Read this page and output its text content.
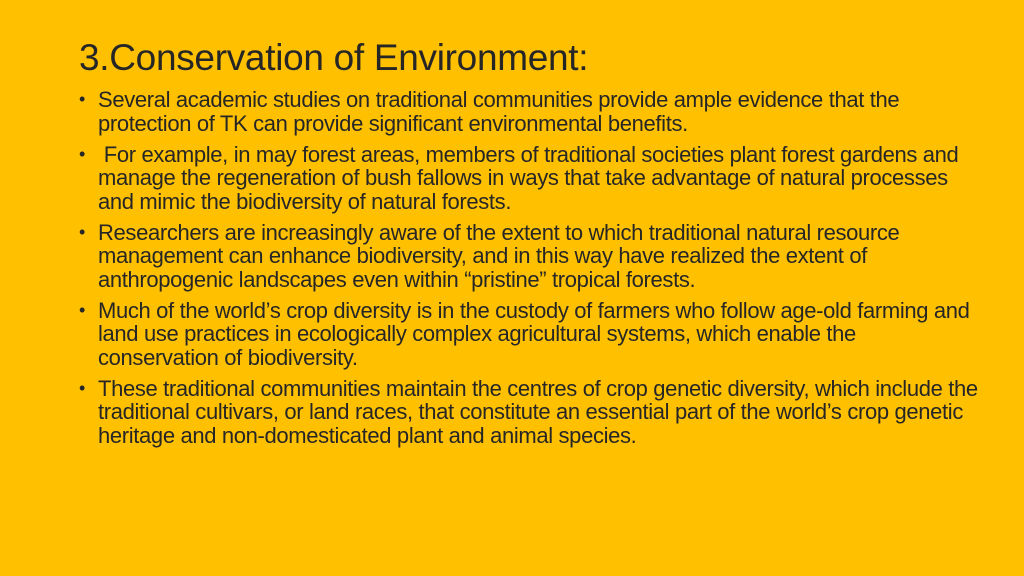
3.Conservation of Environment:
• Several academic studies on traditional communities provide ample evidence that the protection of TK can provide significant environmental benefits.
• For example, in may forest areas, members of traditional societies plant forest gardens and manage the regeneration of bush fallows in ways that take advantage of natural processes and mimic the biodiversity of natural forests.
• Researchers are increasingly aware of the extent to which traditional natural resource management can enhance biodiversity, and in this way have realized the extent of anthropogenic landscapes even within “pristine” tropical forests.
• Much of the world’s crop diversity is in the custody of farmers who follow age-old farming and land use practices in ecologically complex agricultural systems, which enable the conservation of biodiversity.
• These traditional communities maintain the centres of crop genetic diversity, which include the traditional cultivars, or land races, that constitute an essential part of the world’s crop genetic heritage and non-domesticated plant and animal species.
